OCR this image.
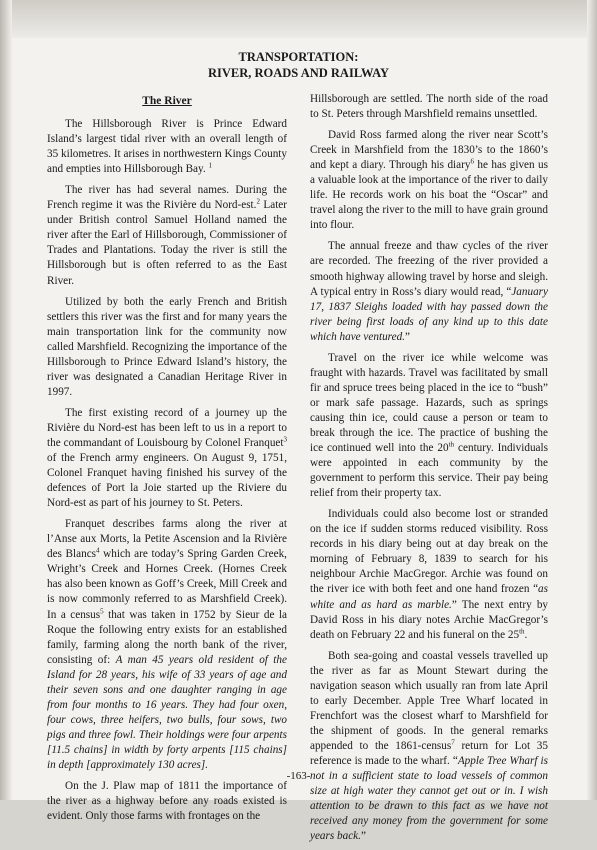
TRANSPORTATION:
RIVER, ROADS AND RAILWAY
The River

The Hillsborough River is Prince Edward Island’s largest tidal river with an overall length of 35 kilometres. It arises in northwestern Kings County and empties into Hillsborough Bay. $^1$

The river has had several names. During the French regime it was the Rivière du Nord-est.$^2$ Later under British control Samuel Holland named the river after the Earl of Hillsborough, Commissioner of Trades and Plantations. Today the river is still the Hillsborough but is often referred to as the East River.

Utilized by both the early French and British settlers this river was the first and for many years the main transportation link for the community now called Marshfield. Recognizing the importance of the Hillsborough to Prince Edward Island’s history, the river was designated a Canadian Heritage River in 1997.

The first existing record of a journey up the Rivière du Nord-est has been left to us in a report to the commandant of Louisbourg by Colonel Franquet$^3$ of the French army engineers. On August 9, 1751, Colonel Franquet having finished his survey of the defences of Port la Joie started up the Riviere du Nord-est as part of his journey to St. Peters.

Franquet describes farms along the river at l’Anse aux Morts, la Petite Ascension and la Rivière des Blancs$^4$ which are today’s Spring Garden Creek, Wright’s Creek and Hornes Creek. (Hornes Creek has also been known as Goff’s Creek, Mill Creek and is now commonly referred to as Marshfield Creek). In a census$^5$ that was taken in 1752 by Sieur de la Roque the following entry exists for an established family, farming along the north bank of the river, consisting of: A man 45 years old resident of the Island for 28 years, his wife of 33 years of age and their seven sons and one daughter ranging in age from four months to 16 years. They had four oxen, four cows, three heifers, two bulls, four sows, two pigs and three fowl. Their holdings were four arpents [11.5 chains] in width by forty arpents [115 chains] in depth [approximately 130 acres].

On the J. Plaw map of 1811 the importance of the river as a highway before any roads existed is evident. Only those farms with frontages on the

Hillsborough are settled. The north side of the road to St. Peters through Marshfield remains unsettled.

David Ross farmed along the river near Scott’s Creek in Marshfield from the 1830’s to the 1860’s and kept a diary. Through his diary$^6$ he has given us a valuable look at the importance of the river to daily life. He records work on his boat the “Oscar” and travel along the river to the mill to have grain ground into flour.

The annual freeze and thaw cycles of the river are recorded. The freezing of the river provided a smooth highway allowing travel by horse and sleigh. A typical entry in Ross’s diary would read, “January 17, 1837 Sleighs loaded with hay passed down the river being first loads of any kind up to this date which have ventured.”

Travel on the river ice while welcome was fraught with hazards. Travel was facilitated by small fir and spruce trees being placed in the ice to “bush” or mark safe passage. Hazards, such as springs causing thin ice, could cause a person or team to break through the ice. The practice of bushing the ice continued well into the 20th century. Individuals were appointed in each community by the government to perform this service. Their pay being relief from their property tax.

Individuals could also become lost or stranded on the ice if sudden storms reduced visibility. Ross records in his diary being out at day break on the morning of February 8, 1839 to search for his neighbour Archie MacGregor. Archie was found on the river ice with both feet and one hand frozen “as white and as hard as marble.” The next entry by David Ross in his diary notes Archie MacGregor’s death on February 22 and his funeral on the 25th.

Both sea-going and coastal vessels travelled up the river as far as Mount Stewart during the navigation season which usually ran from late April to early December. Apple Tree Wharf located in Frenchfort was the closest wharf to Marshfield for the shipment of goods. In the general remarks appended to the 1861-census$^7$ return for Lot 35 reference is made to the wharf. “Apple Tree Wharf is not in a sufficient state to load vessels of common size at high water they cannot get out or in. I wish attention to be drawn to this fact as we have not received any money from the government for some years back.”

-163-
